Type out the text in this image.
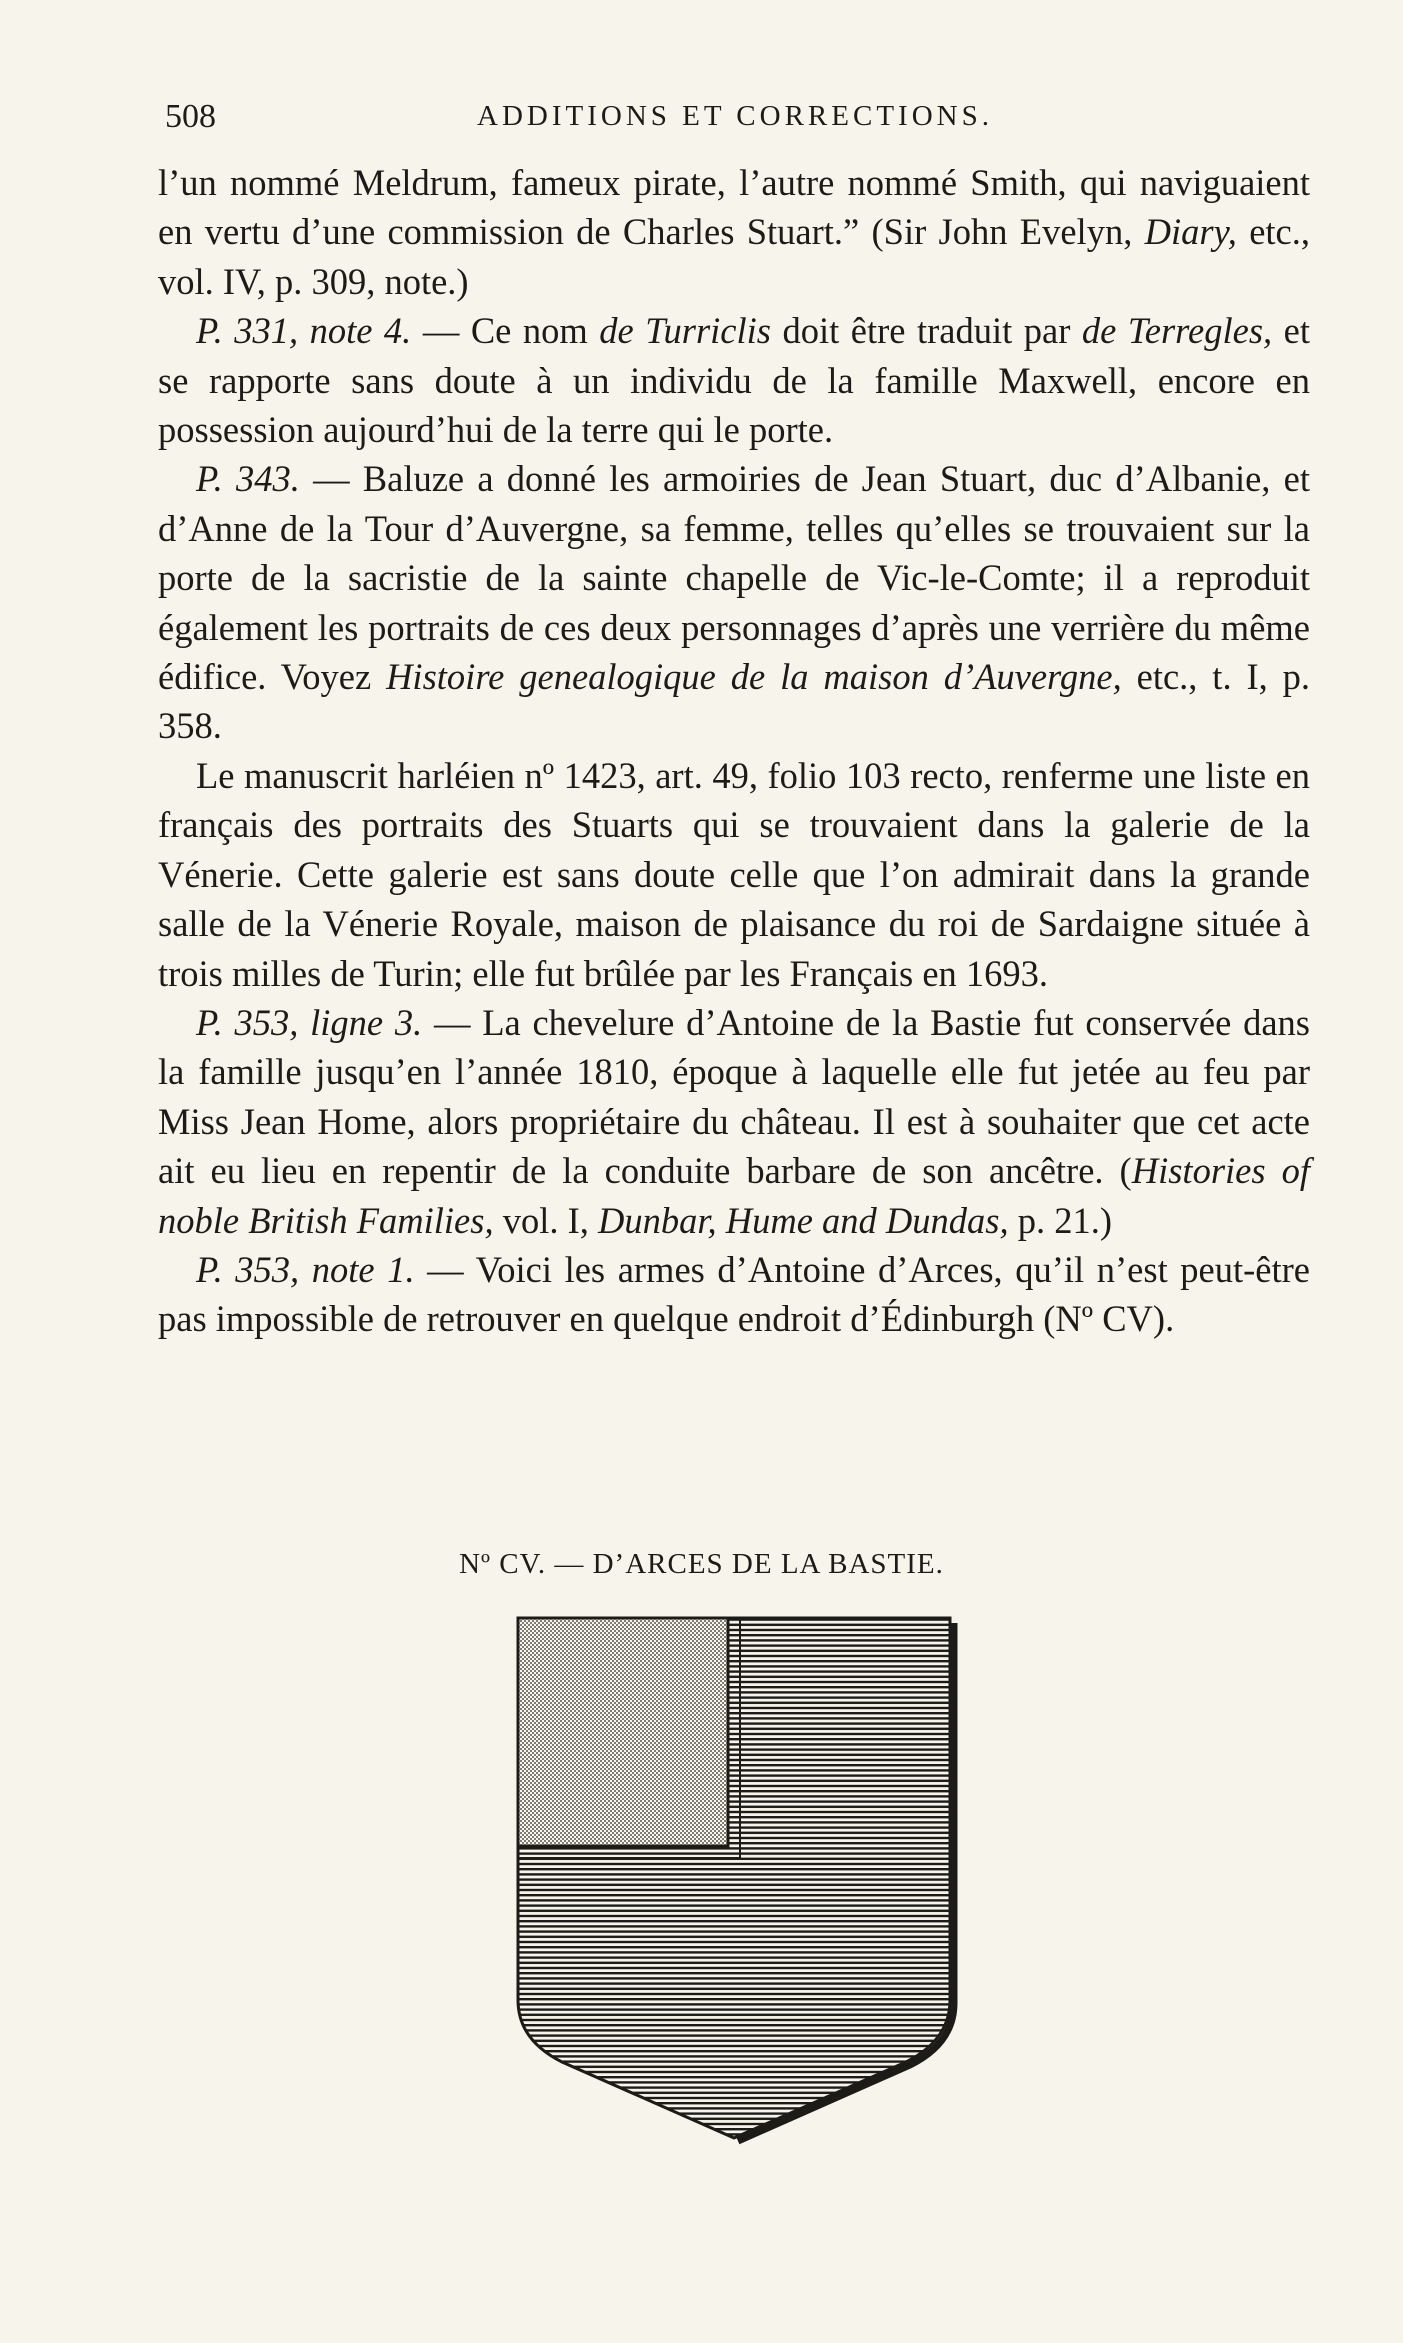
508	ADDITIONS ET CORRECTIONS.

l’un nommé Meldrum, fameux pirate, l’autre nommé Smith, qui naviguaient en vertu d’une commission de Charles Stuart.” (Sir John Evelyn, Diary, etc., vol. IV, p. 309, note.)

P. 331, note 4. — Ce nom de Turriclis doit être traduit par de Terregles, et se rapporte sans doute à un individu de la famille Maxwell, encore en possession aujourd’hui de la terre qui le porte.

P. 343. — Baluze a donné les armoiries de Jean Stuart, duc d’Albanie, et d’Anne de la Tour d’Auvergne, sa femme, telles qu’elles se trouvaient sur la porte de la sacristie de la sainte chapelle de Vic-le-Comte; il a reproduit également les portraits de ces deux personnages d’après une verrière du même édifice. Voyez Histoire genealogique de la maison d’Auvergne, etc., t. I, p. 358.

Le manuscrit harléien nº 1423, art. 49, folio 103 recto, renferme une liste en français des portraits des Stuarts qui se trouvaient dans la galerie de la Vénerie. Cette galerie est sans doute celle que l’on admirait dans la grande salle de la Vénerie Royale, maison de plaisance du roi de Sardaigne située à trois milles de Turin; elle fut brûlée par les Français en 1693.

P. 353, ligne 3. — La chevelure d’Antoine de la Bastie fut conservée dans la famille jusqu’en l’année 1810, époque à laquelle elle fut jetée au feu par Miss Jean Home, alors propriétaire du château. Il est à souhaiter que cet acte ait eu lieu en repentir de la conduite barbare de son ancêtre. (Histories of noble British Families, vol. I, Dunbar, Hume and Dundas, p. 21.)

P. 353, note 1. — Voici les armes d’Antoine d’Arces, qu’il n’est peut-être pas impossible de retrouver en quelque endroit d’Édinburgh (Nº CV).

Nº CV. — D’ARCES DE LA BASTIE.
